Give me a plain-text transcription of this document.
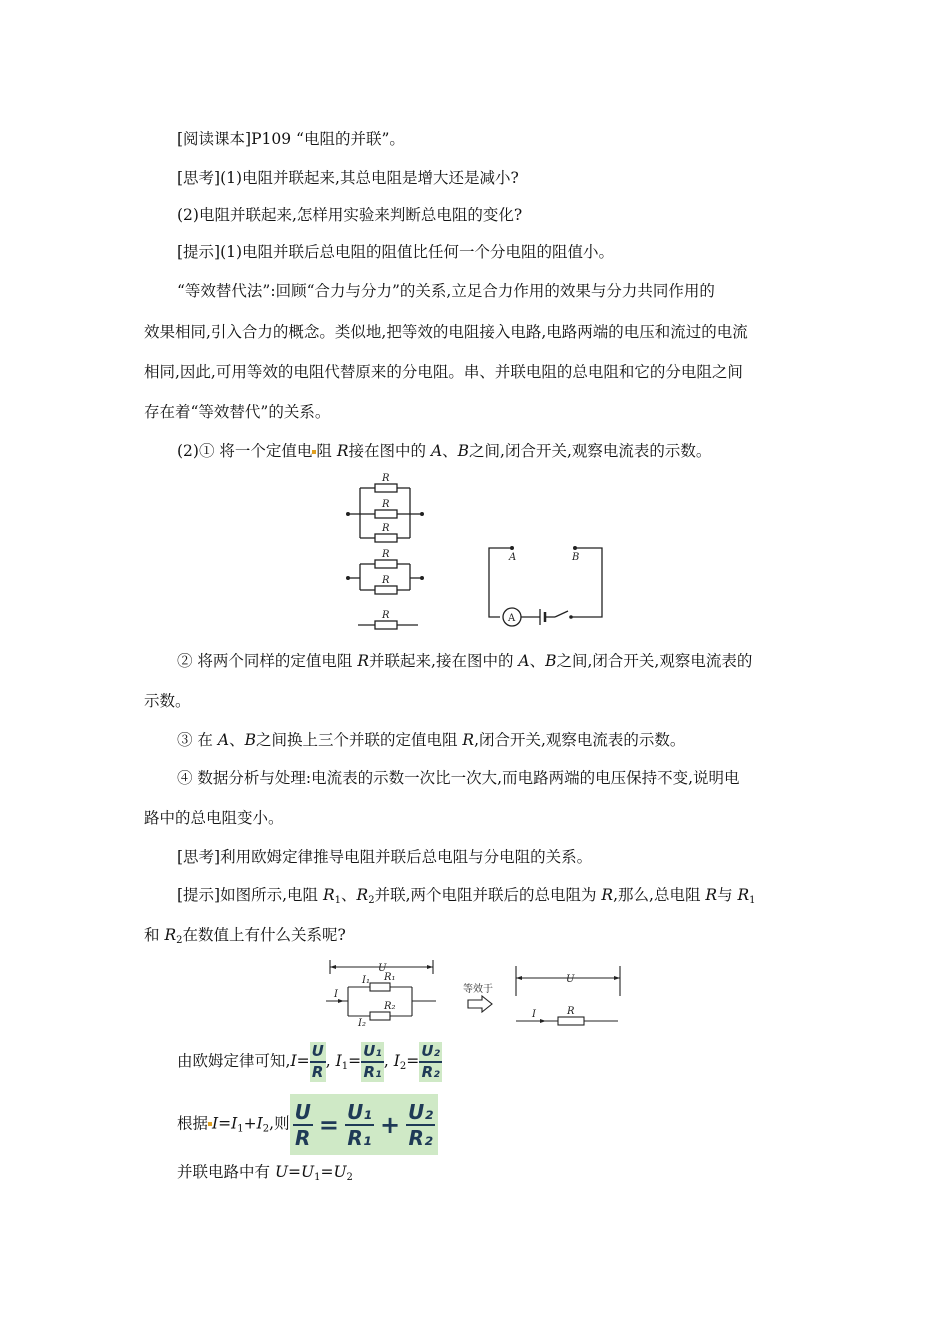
[阅读课本]P109 “电阻的并联”。
[思考](1)电阻并联起来,其总电阻是增大还是减小?
(2)电阻并联起来,怎样用实验来判断总电阻的变化?
[提示](1)电阻并联后总电阻的阻值比任何一个分电阻的阻值小。
“等效替代法”:回顾“合力与分力”的关系,立足合力作用的效果与分力共同作用的
效果相同,引入合力的概念。类似地,把等效的电阻接入电路,电路两端的电压和流过的电流
相同,因此,可用等效的电阻代替原来的分电阻。串、并联电阻的总电阻和它的分电阻之间
存在着“等效替代”的关系。
(2)① 将一个定值电 阻 R接在图中的 A、B之间,闭合开关,观察电流表的示数。
R
R
R
R
R
R
A	B
A
② 将两个同样的定值电阻 R并联起来,接在图中的 A、B之间,闭合开关,观察电流表的
示数。
③ 在 A、B之间换上三个并联的定值电阻 R,闭合开关,观察电流表的示数。
④ 数据分析与处理:电流表的示数一次比一次大,而电路两端的电压保持不变,说明电
路中的总电阻变小。
[思考]利用欧姆定律推导电阻并联后总电阻与分电阻的关系。
[提示]如图所示,电阻 $R_1$、$R_2$并联,两个电阻并联后的总电阻为 R,那么,总电阻 R与 $R_1$
和 $R_2$在数值上有什么关系呢?
U
I
I₁ R₁
I₂
R₂
U
I	R
等效于
由欧姆定律可知$,I= \frac{U}{R}$ , $I_1= \frac{\text{U₁}}{\text{R₁}}$ , $I_2= \frac{\text{U₂}}{\text{R₂}}$
根据 $I=I_1+I_2$,则 $\frac{U}{R} = \frac{\text{U₁}}{\text{R₁}} + \frac{\text{U₂}}{\text{R₂}}$
并联电路中有 $U=U_1=U_2$
